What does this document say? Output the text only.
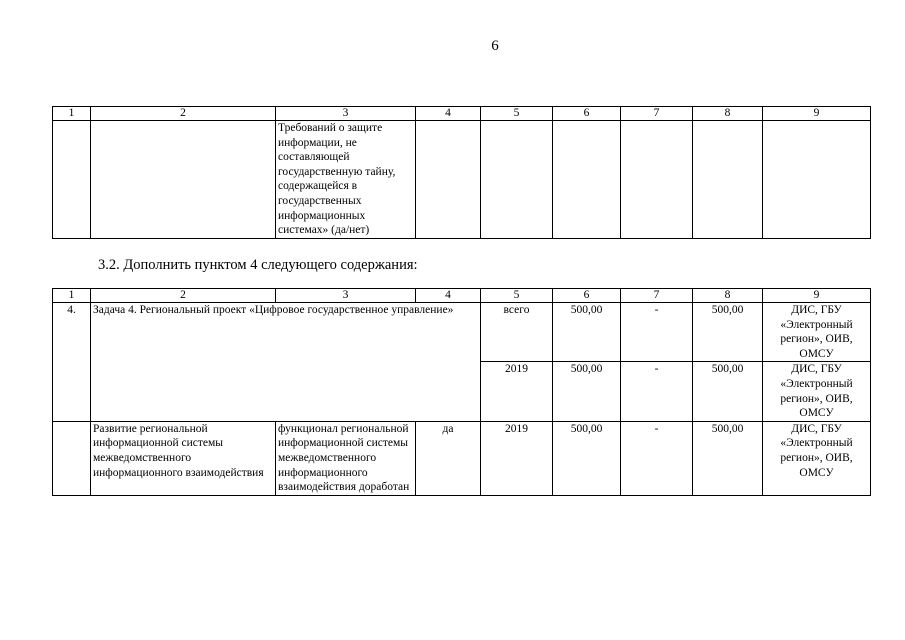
6
1	2	3	4	5	6	7	8	9
		Требований о защите информации, не составляющей государственную тайну, содержащейся в государственных информационных системах» (да/нет)						
3.2. Дополнить пунктом 4 следующего содержания:
1	2	3	4	5	6	7	8	9
4.	Задача 4. Региональный проект «Цифровое государственное управление»			всего	500,00	-	500,00	ДИС, ГБУ «Электронный регион», ОИВ, ОМСУ
				2019	500,00	-	500,00	ДИС, ГБУ «Электронный регион», ОИВ, ОМСУ
	Развитие региональной информационной системы межведомственного информационного взаимодействия	функционал региональной информационной системы межведомственного информационного взаимодействия доработан	да	2019	500,00	-	500,00	ДИС, ГБУ «Электронный регион», ОИВ, ОМСУ
